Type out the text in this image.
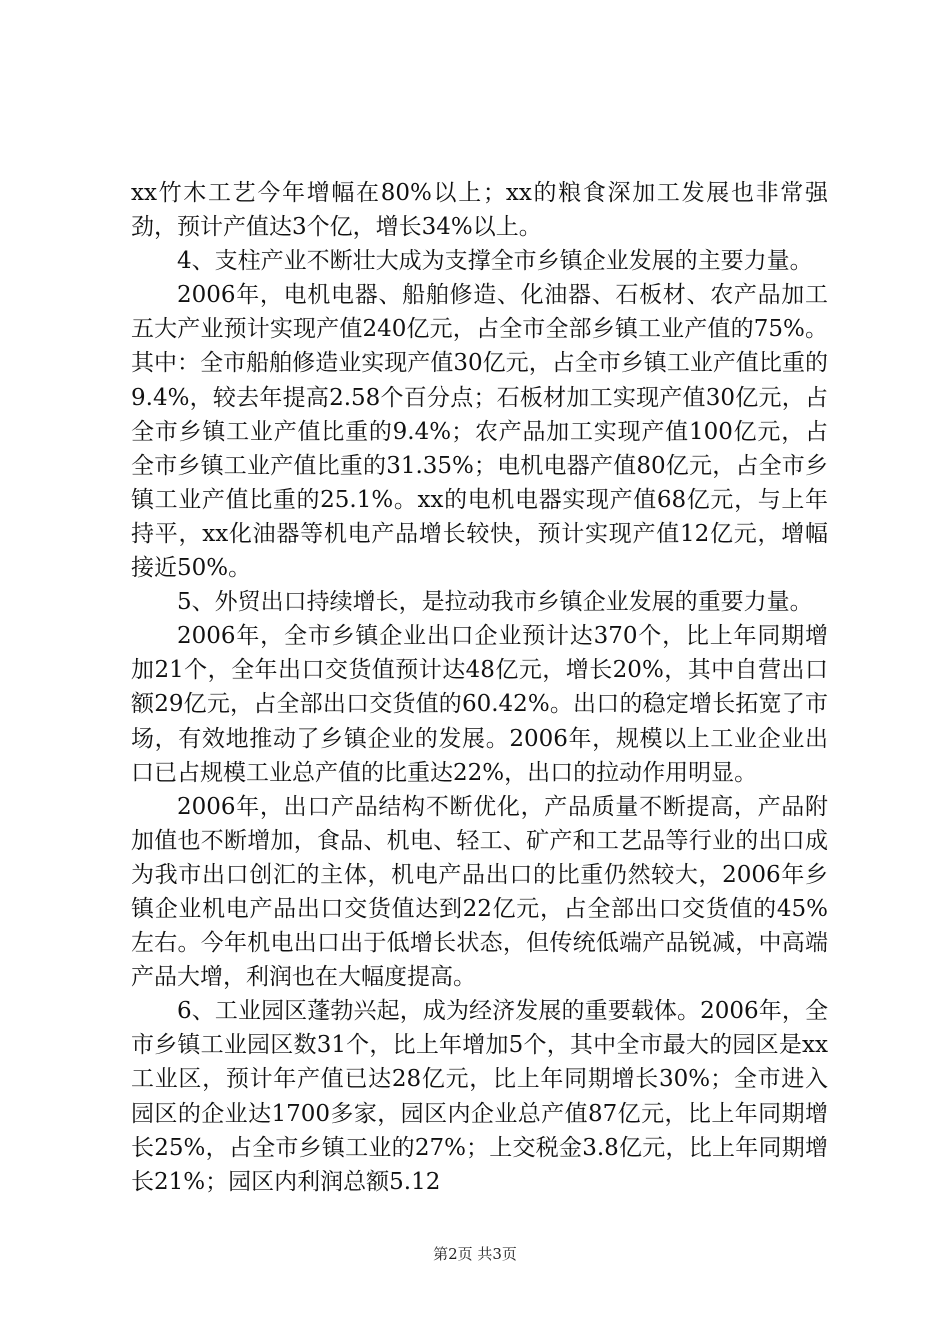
xx竹木工艺今年增幅在80%以上；xx的粮食深加工发展也非常强劲，预计产值达3个亿，增长34%以上。

4、支柱产业不断壮大成为支撑全市乡镇企业发展的主要力量。

2006年，电机电器、船舶修造、化油器、石板材、农产品加工五大产业预计实现产值240亿元，占全市全部乡镇工业产值的75%。其中：全市船舶修造业实现产值30亿元，占全市乡镇工业产值比重的9.4%，较去年提高2.58个百分点；石板材加工实现产值30亿元，占全市乡镇工业产值比重的9.4%；农产品加工实现产值100亿元，占全市乡镇工业产值比重的31.35%；电机电器产值80亿元，占全市乡镇工业产值比重的25.1%。xx的电机电器实现产值68亿元，与上年持平，xx化油器等机电产品增长较快，预计实现产值12亿元，增幅接近50%。

5、外贸出口持续增长，是拉动我市乡镇企业发展的重要力量。

2006年，全市乡镇企业出口企业预计达370个，比上年同期增加21个，全年出口交货值预计达48亿元，增长20%，其中自营出口额29亿元，占全部出口交货值的60.42%。出口的稳定增长拓宽了市场，有效地推动了乡镇企业的发展。2006年，规模以上工业企业出口已占规模工业总产值的比重达22%，出口的拉动作用明显。

2006年，出口产品结构不断优化，产品质量不断提高，产品附加值也不断增加，食品、机电、轻工、矿产和工艺品等行业的出口成为我市出口创汇的主体，机电产品出口的比重仍然较大，2006年乡镇企业机电产品出口交货值达到22亿元，占全部出口交货值的45%左右。今年机电出口出于低增长状态，但传统低端产品锐减，中高端产品大增，利润也在大幅度提高。

6、工业园区蓬勃兴起，成为经济发展的重要载体。2006年，全市乡镇工业园区数31个，比上年增加5个，其中全市最大的园区是xx工业区，预计年产值已达28亿元，比上年同期增长30%；全市进入园区的企业达1700多家，园区内企业总产值87亿元，比上年同期增长25%，占全市乡镇工业的27%；上交税金3.8亿元，比上年同期增长21%；园区内利润总额5.12

第2页 共3页
